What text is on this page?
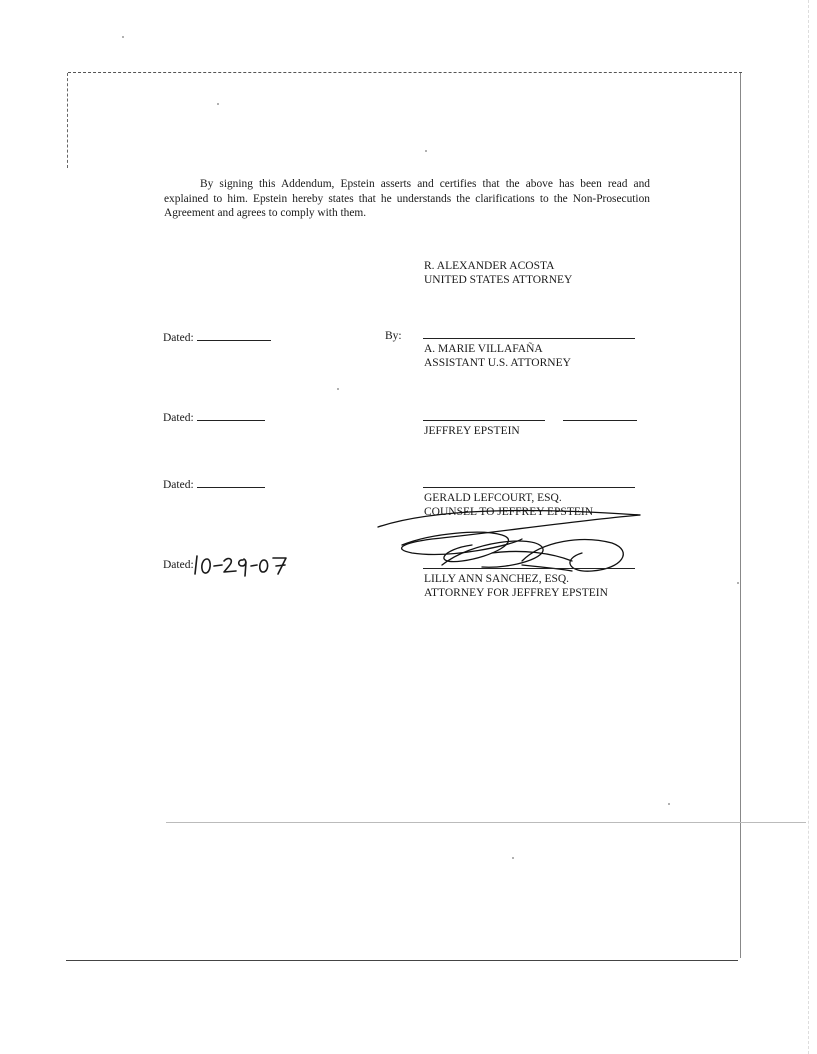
By signing this Addendum, Epstein asserts and certifies that the above has been read and explained to him. Epstein hereby states that he understands the clarifications to the Non-Prosecution Agreement and agrees to comply with them.

R. ALEXANDER ACOSTA
UNITED STATES ATTORNEY
Dated:	By:
A. MARIE VILLAFAÑA
ASSISTANT U.S. ATTORNEY
Dated:
JEFFREY EPSTEIN
Dated:
GERALD LEFCOURT, ESQ.
COUNSEL TO JEFFREY EPSTEIN
Dated:
LILLY ANN SANCHEZ, ESQ.
ATTORNEY FOR JEFFREY EPSTEIN
